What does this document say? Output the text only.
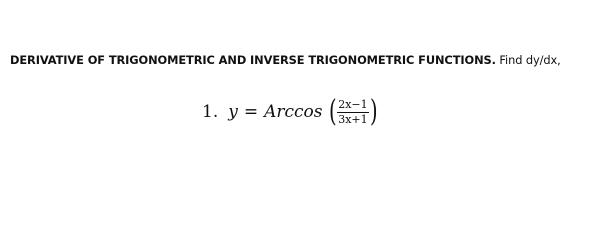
DERIVATIVE OF TRIGONOMETRIC AND INVERSE TRIGONOMETRIC FUNCTIONS. Find dy/dx,
1. y = Arccos ( $\frac{2x-1}{3x+1}$ )
